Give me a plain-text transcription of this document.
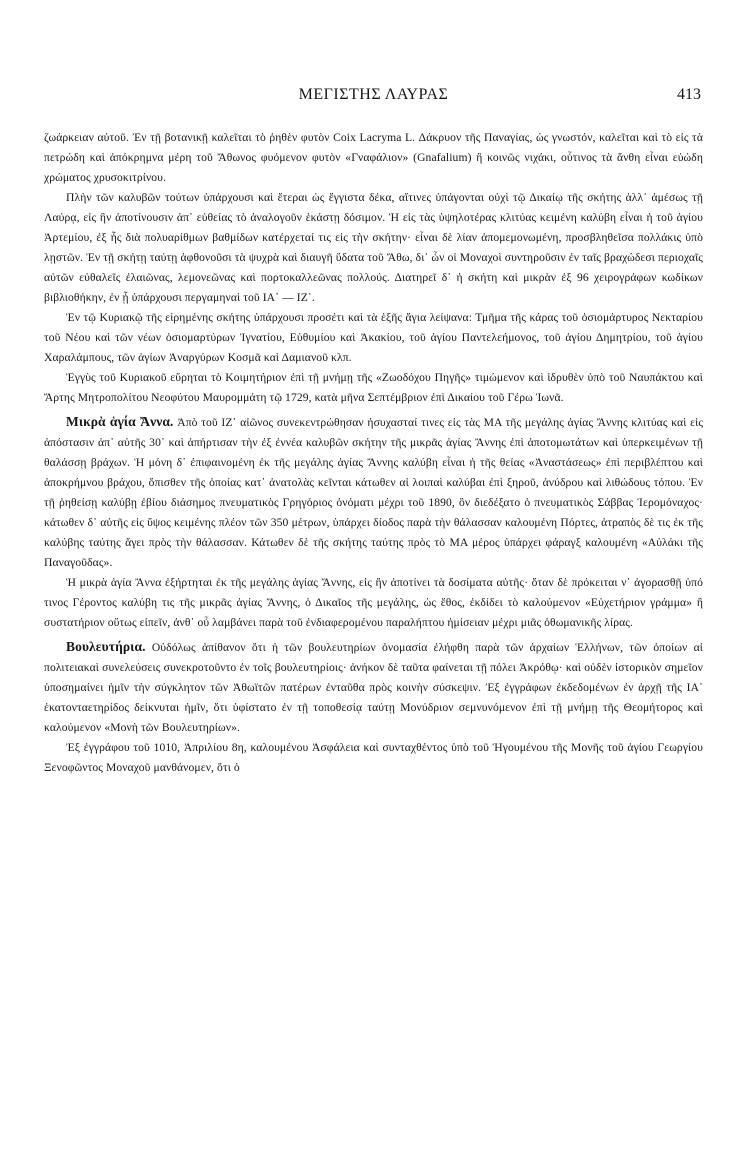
ΜΕΓΙΣΤΗΣ ΛΑΥΡΑΣ	413

ζωάρκειαν αὐτοῦ. Ἐν τῇ βοτανικῇ καλεῖται τὸ ῥηθὲν φυτὸν Coix Lacryma L. Δάκρυον τῆς Παναγίας, ὡς γνωστόν, καλεῖται καὶ τὸ εἰς τὰ πετρώδη καὶ ἀπόκρημνα μέρη τοῦ Ἄθωνος φυόμενον φυτὸν «Γναφάλιον» (Gnafalium) ἢ κοινῶς νιχάκι, οὗτινος τὰ ἄνθη εἶναι εὐώδη χρώματος χρυσοκιτρίνου.

Πλὴν τῶν καλυβῶν τούτων ὑπάρχουσι καὶ ἕτεραι ὡς ἔγγιστα δέκα, αἵτινες ὑπάγονται οὐχὶ τῷ Δικαίῳ τῆς σκήτης ἀλλ᾽ ἀμέσως τῇ Λαύρᾳ, εἰς ἣν ἀποτίνουσιν ἀπ᾽ εὐθείας τὸ ἀναλογοῦν ἑκάστῃ δόσιμον. Ἡ εἰς τὰς ὑψηλοτέρας κλιτύας κειμένη καλύβη εἶναι ἡ τοῦ ἁγίου Ἀρτεμίου, ἐξ ἧς διὰ πολυαρίθμων βαθμίδων κατέρχεταί τις εἰς τὴν σκήτην· εἶναι δὲ λίαν ἀπομεμονωμένη, προσβληθεῖσα πολλάκις ὑπὸ λῃστῶν. Ἐν τῇ σκήτῃ ταύτῃ ἀφθονοῦσι τὰ ψυχρὰ καὶ διαυγῆ ὕδατα τοῦ Ἄθω, δι᾽ ὧν οἱ Μοναχοὶ συντηροῦσιν ἐν ταῖς βραχώδεσι περιοχαῖς αὐτῶν εὐθαλεῖς ἐλαιῶνας, λεμονεῶνας καὶ πορτοκαλλεῶνας πολλούς. Διατηρεῖ δ᾽ ἡ σκήτη καὶ μικρὰν ἐξ 96 χειρογράφων κωδίκων βιβλιοθήκην, ἐν ᾗ ὑπάρχουσι περγαμηναὶ τοῦ ΙΑ᾽ — ΙΖ᾽.

Ἐν τῷ Κυριακῷ τῆς εἰρημένης σκήτης ὑπάρχουσι προσέτι καὶ τὰ ἑξῆς ἅγια λείψανα: Τμῆμα τῆς κάρας τοῦ ὁσιομάρτυρος Νεκταρίου τοῦ Νέου καὶ τῶν νέων ὁσιομαρτύρων Ἰγνατίου, Εὐθυμίου καὶ Ἀκακίου, τοῦ ἁγίου Παντελεήμονος, τοῦ ἁγίου Δημητρίου, τοῦ ἁγίου Χαραλάμπους, τῶν ἁγίων Ἀναργύρων Κοσμᾶ καὶ Δαμιανοῦ κλπ.

Ἐγγὺς τοῦ Κυριακοῦ εὕρηται τὸ Κοιμητήριον ἐπὶ τῇ μνήμῃ τῆς «Ζωοδόχου Πηγῆς» τιμώμενον καὶ ἱδρυθὲν ὑπὸ τοῦ Ναυπάκτου καὶ Ἄρτης Μητροπολίτου Νεοφύτου Μαυρομμάτη τῷ 1729, κατὰ μῆνα Σεπτέμβριον ἐπὶ Δικαίου τοῦ Γέρω Ἰωνᾶ.

Μικρὰ ἁγία Ἄννα. Ἀπὸ τοῦ ΙΖ᾽ αἰῶνος συνεκεντρώθησαν ἡσυχασταί τινες εἰς τὰς ΜΑ τῆς μεγάλης ἁγίας Ἄννης κλιτύας καὶ εἰς ἀπόστασιν ἀπ᾽ αὐτῆς 30᾽ καὶ ἀπήρτισαν τὴν ἐξ ἐννέα καλυβῶν σκήτην τῆς μικρᾶς ἁγίας Ἄννης ἐπὶ ἀποτομωτάτων καὶ ὑπερκειμένων τῇ θαλάσσῃ βράχων. Ἡ μόνη δ᾽ ἐπιφαινομένη ἐκ τῆς μεγάλης ἁγίας Ἄννης καλύβη εἶναι ἡ τῆς θείας «Ἀναστάσεως» ἐπὶ περιβλέπτου καὶ ἀποκρήμνου βράχου, ὄπισθεν τῆς ὁποίας κατ᾽ ἀνατολὰς κεῖνται κάτωθεν αἱ λοιπαὶ καλύβαι ἐπὶ ξηροῦ, ἀνύδρου καὶ λιθώδους τόπου. Ἐν τῇ ῥηθείσῃ καλύβῃ ἐβίου διάσημος πνευματικὸς Γρηγόριος ὀνόματι μέχρι τοῦ 1890, ὃν διεδέξατο ὁ πνευματικὸς Σάββας Ἱερομόναχος· κάτωθεν δ᾽ αὐτῆς εἰς ὕψος κειμένης πλέον τῶν 350 μέτρων, ὑπάρχει δίοδος παρὰ τὴν θάλασσαν καλουμένη Πόρτες, ἀτραπὸς δὲ τις ἐκ τῆς καλύβης ταύτης ἄγει πρὸς τὴν θάλασσαν. Κάτωθεν δὲ τῆς σκήτης ταύτης πρὸς τὸ ΜΑ μέρος ὑπάρχει φάραγξ καλουμένη «Αὐλάκι τῆς Παναγοῦδας».

Ἡ μικρὰ ἁγία Ἄννα ἐξήρτηται ἐκ τῆς μεγάλης ἁγίας Ἄννης, εἰς ἣν ἀποτίνει τὰ δοσίματα αὐτῆς· ὅταν δὲ πρόκειται ν᾽ ἀγορασθῇ ὑπό τινος Γέροντος καλύβη τις τῆς μικρᾶς ἁγίας Ἄννης, ὁ Δικαῖος τῆς μεγάλης, ὡς ἔθος, ἐκδίδει τὸ καλούμενον «Εὐχετήριον γράμμα» ἢ συστατήριον οὕτως εἰπεῖν, ἀνθ᾽ οὗ λαμβάνει παρὰ τοῦ ἐνδιαφερομένου παραλήπτου ἡμίσειαν μέχρι μιᾶς ὀθωμανικῆς λίρας.

Βουλευτήρια. Οὐδόλως ἀπίθανον ὅτι ἡ τῶν βουλευτηρίων ὀνομασία ἐλήφθη παρὰ τῶν ἀρχαίων Ἑλλήνων, τῶν ὁποίων αἱ πολιτειακαὶ συνελεύσεις συνεκροτοῦντο ἐν τοῖς βουλευτηρίοις· ἀνήκον δὲ ταῦτα φαίνεται τῇ πόλει Ἀκρόθῳ· καὶ οὐδὲν ἱστορικὸν σημεῖον ὑποσημαίνει ἡμῖν τὴν σύγκλητον τῶν Ἀθωϊτῶν πατέρων ἐνταῦθα πρὸς κοινὴν σύσκεψιν. Ἐξ ἐγγράφων ἐκδεδομένων ἐν ἀρχῇ τῆς ΙΑ᾽ ἑκατονταετηρίδος δείκνυται ἡμῖν, ὅτι ὑφίστατο ἐν τῇ τοποθεσίᾳ ταύτῃ Μονύδριον σεμνυνόμενον ἐπὶ τῇ μνήμῃ τῆς Θεομήτορος καὶ καλούμενον «Μονὴ τῶν Βουλευτηρίων».

Ἐξ ἐγγράφου τοῦ 1010, Ἀπριλίου 8η, καλουμένου Ἀσφάλεια καὶ συνταχθέντος ὑπὸ τοῦ Ἡγουμένου τῆς Μονῆς τοῦ ἁγίου Γεωργίου Ξενοφῶντος Μοναχοῦ μανθάνομεν, ὅτι ὁ
